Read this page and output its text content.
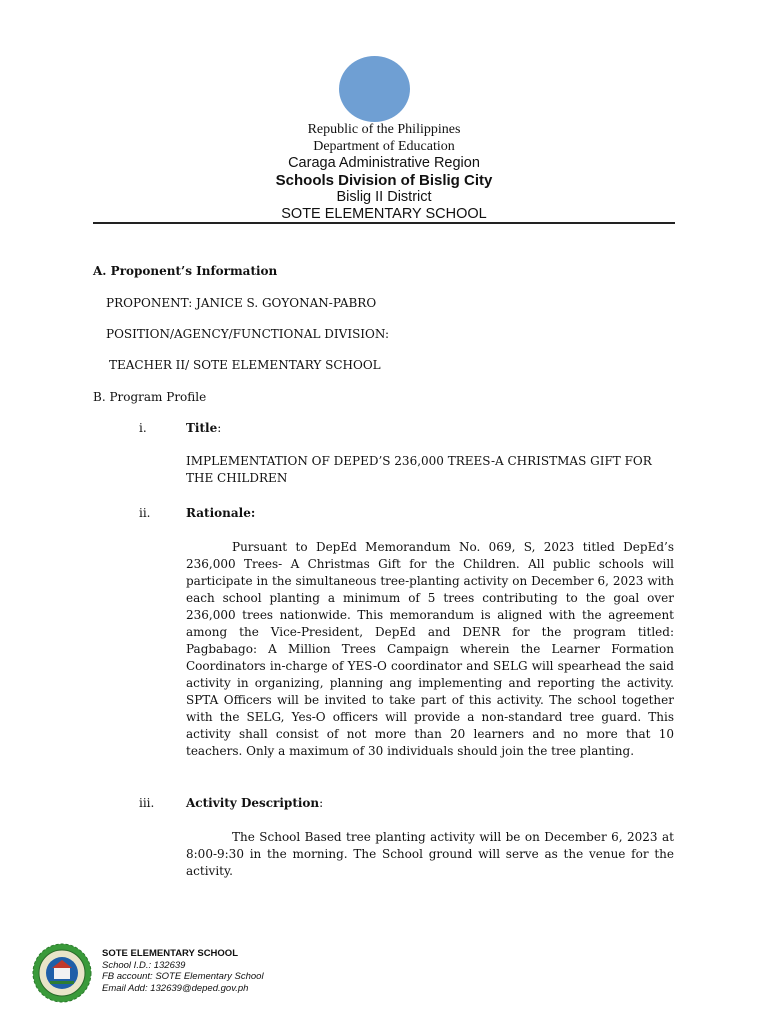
Republic of the Philippines
Department of Education
Caraga Administrative Region
Schools Division of Bislig City
Bislig II District
SOTE ELEMENTARY SCHOOL
A. Proponent’s Information
PROPONENT: JANICE S. GOYONAN-PABRO
POSITION/AGENCY/FUNCTIONAL DIVISION:
TEACHER II/ SOTE ELEMENTARY SCHOOL
B. Program Profile
i.	Title:
IMPLEMENTATION OF DEPED’S 236,000 TREES-A CHRISTMAS GIFT FOR
THE CHILDREN
ii.	Rationale:
Pursuant to DepEd Memorandum No. 069, S, 2023 titled DepEd’s 236,000 Trees- A Christmas Gift for the Children. All public schools will participate in the simultaneous tree-planting activity on December 6, 2023 with each school planting a minimum of 5 trees contributing to the goal over 236,000 trees nationwide. This memorandum is aligned with the agreement among the Vice-President, DepEd and DENR for the program titled: Pagbabago: A Million Trees Campaign wherein the Learner Formation Coordinators in-charge of YES-O coordinator and SELG will spearhead the said activity in organizing, planning ang implementing and reporting the activity. SPTA Officers will be invited to take part of this activity. The school together with the SELG, Yes-O officers will provide a non-standard tree guard. This activity shall consist of not more than 20 learners and no more that 10 teachers. Only a maximum of 30 individuals should join the tree planting.
iii.	Activity Description:
The School Based tree planting activity will be on December 6, 2023 at 8:00-9:30 in the morning. The School ground will serve as the venue for the activity.
SOTE ELEMENTARY SCHOOL
School I.D.: 132639
FB account: SOTE Elementary School
Email Add: 132639@deped.gov.ph
